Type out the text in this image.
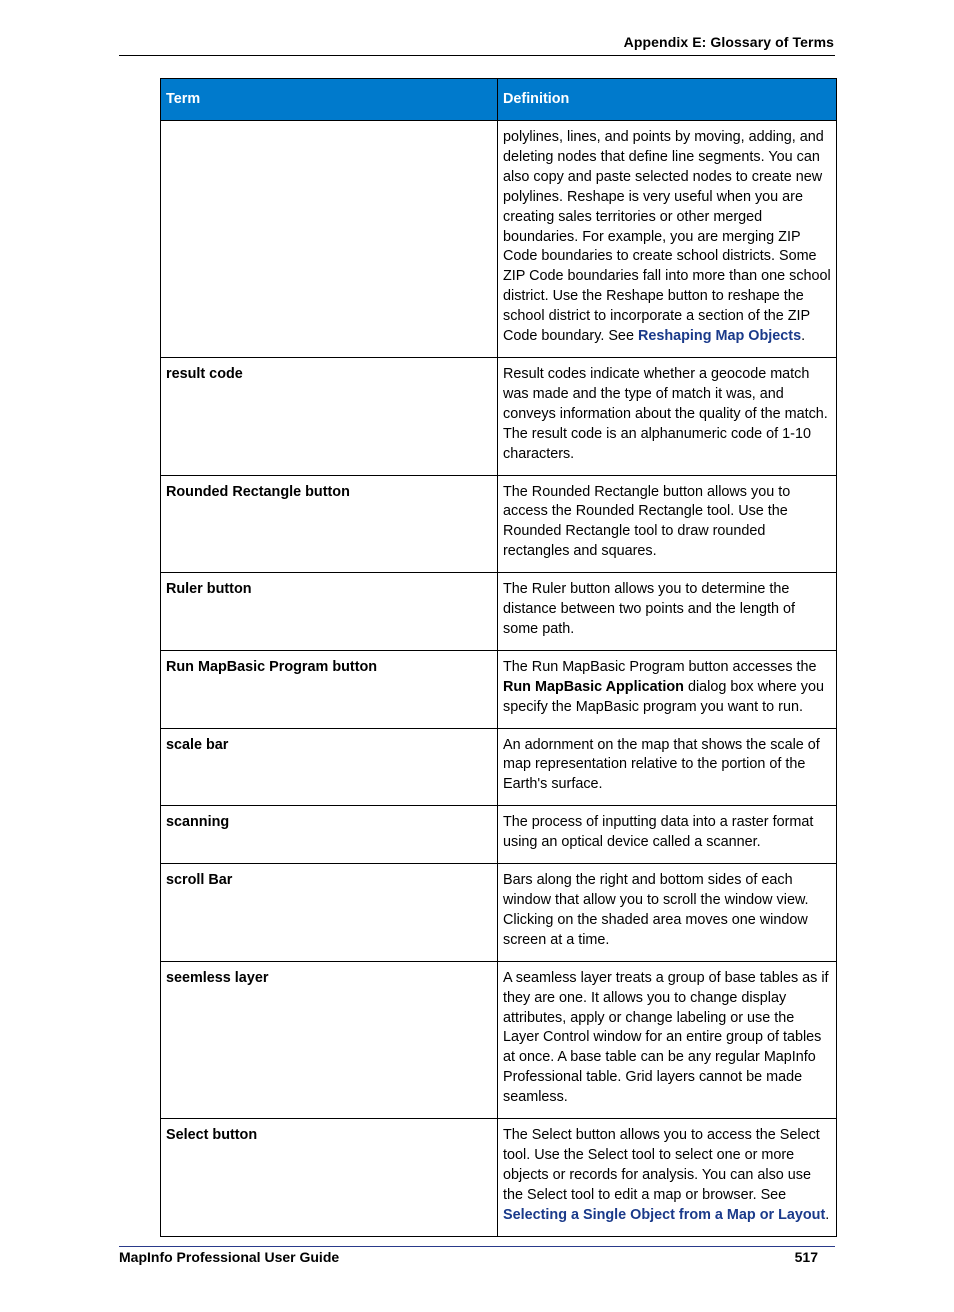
Appendix E: Glossary of Terms
Term	Definition
	polylines, lines, and points by moving, adding, and deleting nodes that define line segments. You can also copy and paste selected nodes to create new polylines. Reshape is very useful when you are creating sales territories or other merged boundaries. For example, you are merging ZIP Code boundaries to create school districts. Some ZIP Code boundaries fall into more than one school district. Use the Reshape button to reshape the school district to incorporate a section of the ZIP Code boundary. See Reshaping Map Objects.
result code	Result codes indicate whether a geocode match was made and the type of match it was, and conveys information about the quality of the match. The result code is an alphanumeric code of 1-10 characters.
Rounded Rectangle button	The Rounded Rectangle button allows you to access the Rounded Rectangle tool. Use the Rounded Rectangle tool to draw rounded rectangles and squares.
Ruler button	The Ruler button allows you to determine the distance between two points and the length of some path.
Run MapBasic Program button	The Run MapBasic Program button accesses the Run MapBasic Application dialog box where you specify the MapBasic program you want to run.
scale bar	An adornment on the map that shows the scale of map representation relative to the portion of the Earth's surface.
scanning	The process of inputting data into a raster format using an optical device called a scanner.
scroll Bar	Bars along the right and bottom sides of each window that allow you to scroll the window view. Clicking on the shaded area moves one window screen at a time.
seemless layer	A seamless layer treats a group of base tables as if they are one. It allows you to change display attributes, apply or change labeling or use the Layer Control window for an entire group of tables at once. A base table can be any regular MapInfo Professional table. Grid layers cannot be made seamless.
Select button	The Select button allows you to access the Select tool. Use the Select tool to select one or more objects or records for analysis. You can also use the Select tool to edit a map or browser. See Selecting a Single Object from a Map or Layout.
MapInfo Professional User Guide	517
